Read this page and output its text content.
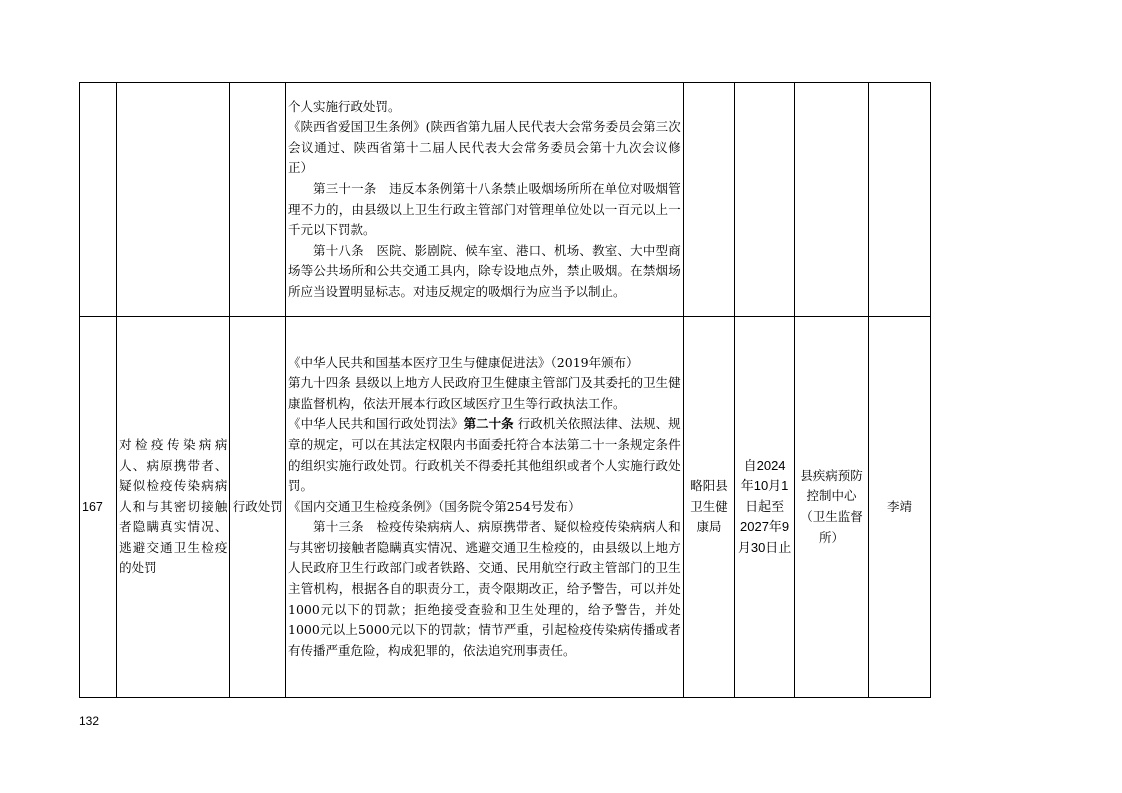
			个人实施行政处罚。

《陕西省爱国卫生条例》(陕西省第九届人民代表大会常务委员会第三次会议通过、陕西省第十二届人民代表大会常务委员会第十九次会议修正）

第三十一条　违反本条例第十八条禁止吸烟场所所在单位对吸烟管理不力的，由县级以上卫生行政主管部门对管理单位处以一百元以上一千元以下罚款。

第十八条　医院、影剧院、候车室、港口、机场、教室、大中型商场等公共场所和公共交通工具内，除专设地点外，禁止吸烟。在禁烟场所应当设置明显标志。对违反规定的吸烟行为应当予以制止。				

167	对检疫传染病病人、病原携带者、疑似检疫传染病病人和与其密切接触者隐瞒真实情况、逃避交通卫生检疫的处罚	行政处罚	《中华人民共和国基本医疗卫生与健康促进法》（2019年颁布）

第九十四条 县级以上地方人民政府卫生健康主管部门及其委托的卫生健康监督机构，依法开展本行政区域医疗卫生等行政执法工作。

《中华人民共和国行政处罚法》第二十条 行政机关依照法律、法规、规章的规定，可以在其法定权限内书面委托符合本法第二十一条规定条件的组织实施行政处罚。行政机关不得委托其他组织或者个人实施行政处罚。

《国内交通卫生检疫条例》（国务院令第254号发布）

第十三条　检疫传染病病人、病原携带者、疑似检疫传染病病人和与其密切接触者隐瞒真实情况、逃避交通卫生检疫的，由县级以上地方人民政府卫生行政部门或者铁路、交通、民用航空行政主管部门的卫生主管机构，根据各自的职责分工，责令限期改正，给予警告，可以并处1000元以下的罚款；拒绝接受查验和卫生处理的，给予警告，并处1000元以上5000元以下的罚款；情节严重，引起检疫传染病传播或者有传播严重危险，构成犯罪的，依法追究刑事责任。	略阳县卫生健康局	自2024年10月1日起至2027年9月30日止	县疾病预防控制中心（卫生监督所）	李靖
132
